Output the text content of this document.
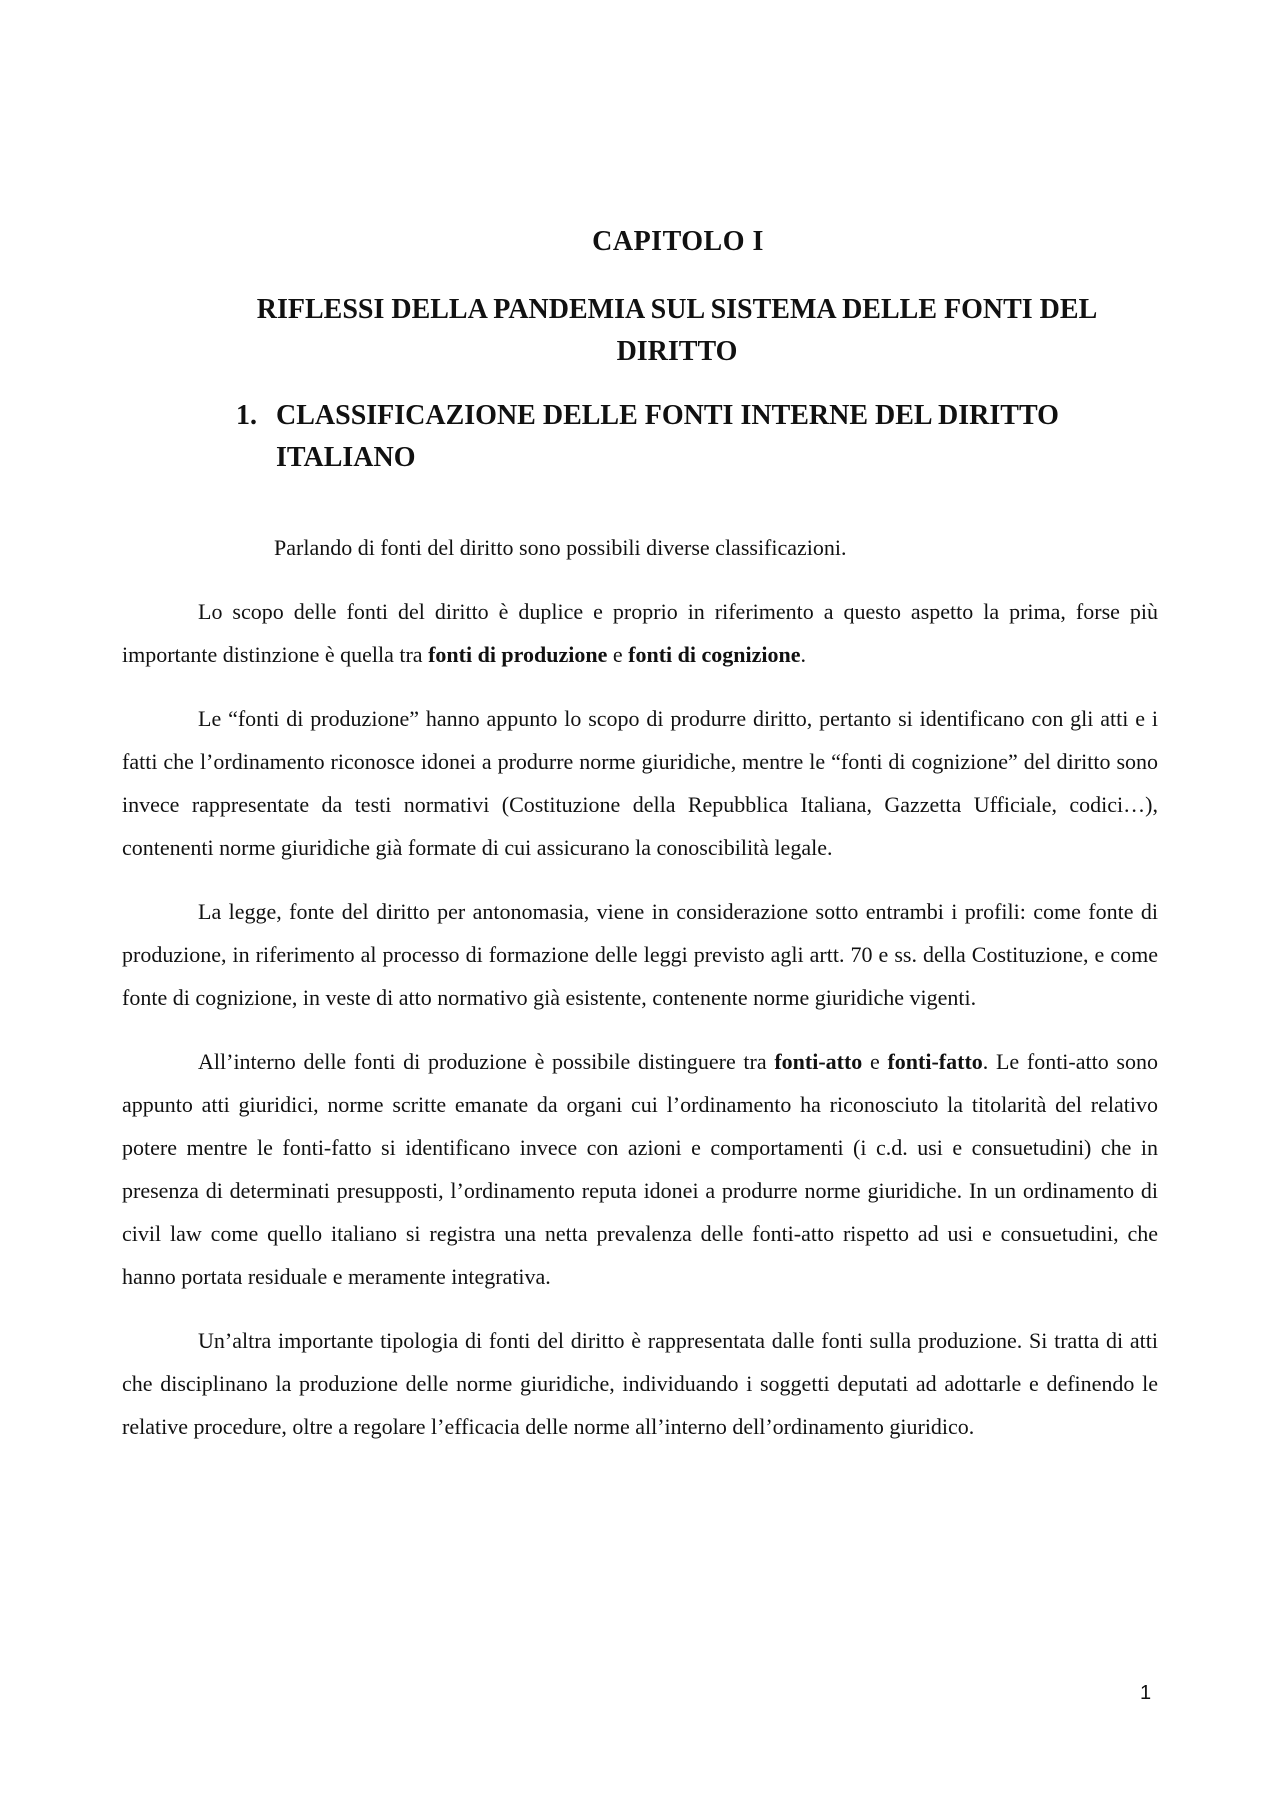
CAPITOLO I
RIFLESSI DELLA PANDEMIA SUL SISTEMA DELLE FONTI DEL DIRITTO
1. CLASSIFICAZIONE DELLE FONTI INTERNE DEL DIRITTO ITALIANO

Parlando di fonti del diritto sono possibili diverse classificazioni.

Lo scopo delle fonti del diritto è duplice e proprio in riferimento a questo aspetto la prima, forse più importante distinzione è quella tra fonti di produzione e fonti di cognizione.

Le “fonti di produzione” hanno appunto lo scopo di produrre diritto, pertanto si identificano con gli atti e i fatti che l’ordinamento riconosce idonei a produrre norme giuridiche, mentre le “fonti di cognizione” del diritto sono invece rappresentate da testi normativi (Costituzione della Repubblica Italiana, Gazzetta Ufficiale, codici…), contenenti norme giuridiche già formate di cui assicurano la conoscibilità legale.

La legge, fonte del diritto per antonomasia, viene in considerazione sotto entrambi i profili: come fonte di produzione, in riferimento al processo di formazione delle leggi previsto agli artt. 70 e ss. della Costituzione, e come fonte di cognizione, in veste di atto normativo già esistente, contenente norme giuridiche vigenti.

All’interno delle fonti di produzione è possibile distinguere tra fonti-atto e fonti-fatto. Le fonti-atto sono appunto atti giuridici, norme scritte emanate da organi cui l’ordinamento ha riconosciuto la titolarità del relativo potere mentre le fonti-fatto si identificano invece con azioni e comportamenti (i c.d. usi e consuetudini) che in presenza di determinati presupposti, l’ordinamento reputa idonei a produrre norme giuridiche. In un ordinamento di civil law come quello italiano si registra una netta prevalenza delle fonti-atto rispetto ad usi e consuetudini, che hanno portata residuale e meramente integrativa.

Un’altra importante tipologia di fonti del diritto è rappresentata dalle fonti sulla produzione. Si tratta di atti che disciplinano la produzione delle norme giuridiche, individuando i soggetti deputati ad adottarle e definendo le relative procedure, oltre a regolare l’efficacia delle norme all’interno dell’ordinamento giuridico.

1
